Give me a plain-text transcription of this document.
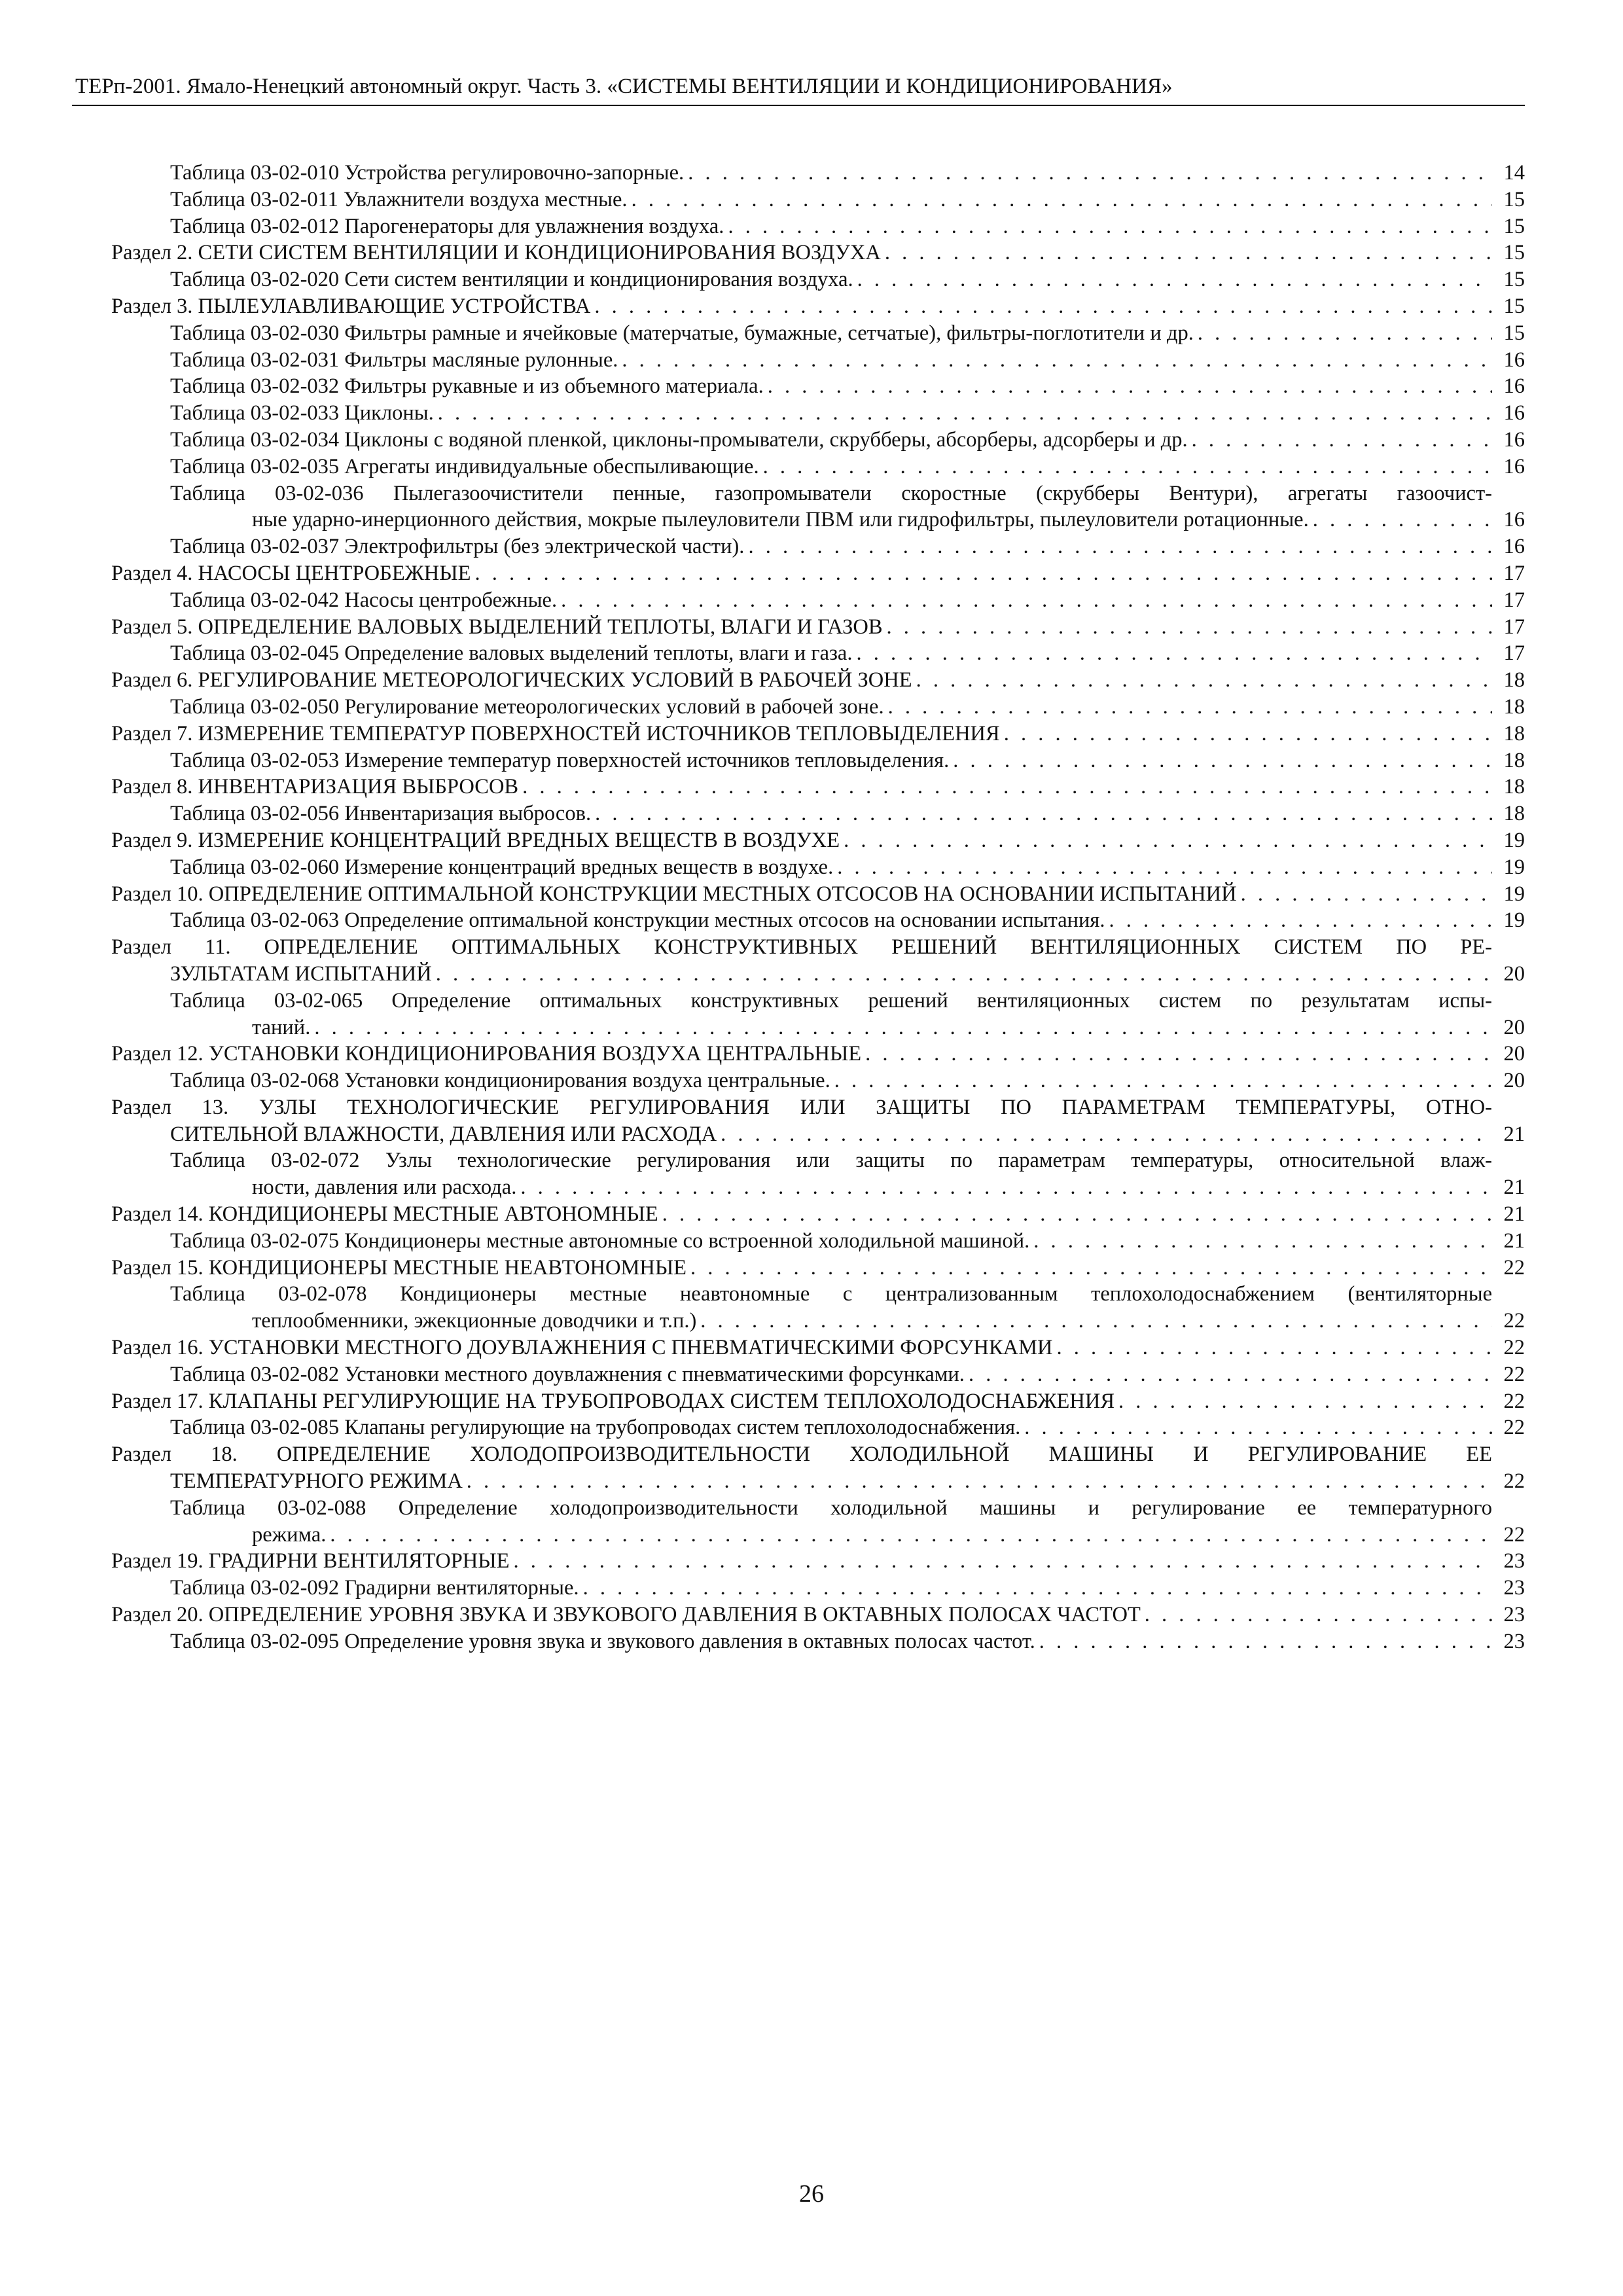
ТЕРп-2001. Ямало-Ненецкий автономный округ. Часть 3. «СИСТЕМЫ ВЕНТИЛЯЦИИ И КОНДИЦИОНИРОВАНИЯ»
Таблица 03-02-010 Устройства регулировочно-запорные. . . .	14
Таблица 03-02-011 Увлажнители воздуха местные. . . .	15
Таблица 03-02-012 Парогенераторы для увлажнения воздуха. . . .	15
Раздел 2. СЕТИ СИСТЕМ ВЕНТИЛЯЦИИ И КОНДИЦИОНИРОВАНИЯ ВОЗДУХА . . .	15
Таблица 03-02-020 Сети систем вентиляции и кондиционирования воздуха. . . .	15
Раздел 3. ПЫЛЕУЛАВЛИВАЮЩИЕ УСТРОЙСТВА . . .	15
Таблица 03-02-030 Фильтры рамные и ячейковые (матерчатые, бумажные, сетчатые), фильтры-поглотители и др. . . .	15
Таблица 03-02-031 Фильтры масляные рулонные. . . .	16
Таблица 03-02-032 Фильтры рукавные и из объемного материала. . . .	16
Таблица 03-02-033 Циклоны. . . .	16
Таблица 03-02-034 Циклоны с водяной пленкой, циклоны-промыватели, скрубберы, абсорберы, адсорберы и др. . . .	16
Таблица 03-02-035 Агрегаты индивидуальные обеспыливающие. . . .	16
Таблица 03-02-036 Пылегазоочистители пенные, газопромыватели скоростные (скрубберы Вентури), агрегаты газоочист-
ные ударно-инерционного действия, мокрые пылеуловители ПВМ или гидрофильтры, пылеуловители ротационные. . . .	16
Таблица 03-02-037 Электрофильтры (без электрической части). . . .	16
Раздел 4. НАСОСЫ ЦЕНТРОБЕЖНЫЕ . . .	17
Таблица 03-02-042 Насосы центробежные. . . .	17
Раздел 5. ОПРЕДЕЛЕНИЕ ВАЛОВЫХ ВЫДЕЛЕНИЙ ТЕПЛОТЫ, ВЛАГИ И ГАЗОВ . . .	17
Таблица 03-02-045 Определение валовых выделений теплоты, влаги и газа. . . .	17
Раздел 6. РЕГУЛИРОВАНИЕ МЕТЕОРОЛОГИЧЕСКИХ УСЛОВИЙ В РАБОЧЕЙ ЗОНЕ . . .	18
Таблица 03-02-050 Регулирование метеорологических условий в рабочей зоне. . . .	18
Раздел 7. ИЗМЕРЕНИЕ ТЕМПЕРАТУР ПОВЕРХНОСТЕЙ ИСТОЧНИКОВ ТЕПЛОВЫДЕЛЕНИЯ . . .	18
Таблица 03-02-053 Измерение температур поверхностей источников тепловыделения. . . .	18
Раздел 8. ИНВЕНТАРИЗАЦИЯ ВЫБРОСОВ . . .	18
Таблица 03-02-056 Инвентаризация выбросов. . . .	18
Раздел 9. ИЗМЕРЕНИЕ КОНЦЕНТРАЦИЙ ВРЕДНЫХ ВЕЩЕСТВ В ВОЗДУХЕ . . .	19
Таблица 03-02-060 Измерение концентраций вредных веществ в воздухе. . . .	19
Раздел 10. ОПРЕДЕЛЕНИЕ ОПТИМАЛЬНОЙ КОНСТРУКЦИИ МЕСТНЫХ ОТСОСОВ НА ОСНОВАНИИ ИСПЫТАНИЙ . . .	19
Таблица 03-02-063 Определение оптимальной конструкции местных отсосов на основании испытания. . . .	19
Раздел 11. ОПРЕДЕЛЕНИЕ ОПТИМАЛЬНЫХ КОНСТРУКТИВНЫХ РЕШЕНИЙ ВЕНТИЛЯЦИОННЫХ СИСТЕМ ПО РЕ-
ЗУЛЬТАТАМ ИСПЫТАНИЙ . . .	20
Таблица 03-02-065 Определение оптимальных конструктивных решений вентиляционных систем по результатам испы-
таний. . . .	20
Раздел 12. УСТАНОВКИ КОНДИЦИОНИРОВАНИЯ ВОЗДУХА ЦЕНТРАЛЬНЫЕ . . .	20
Таблица 03-02-068 Установки кондиционирования воздуха центральные. . . .	20
Раздел 13. УЗЛЫ ТЕХНОЛОГИЧЕСКИЕ РЕГУЛИРОВАНИЯ ИЛИ ЗАЩИТЫ ПО ПАРАМЕТРАМ ТЕМПЕРАТУРЫ, ОТНО-
СИТЕЛЬНОЙ ВЛАЖНОСТИ, ДАВЛЕНИЯ ИЛИ РАСХОДА . . .	21
Таблица 03-02-072 Узлы технологические регулирования или защиты по параметрам температуры, относительной влаж-
ности, давления или расхода. . . .	21
Раздел 14. КОНДИЦИОНЕРЫ МЕСТНЫЕ АВТОНОМНЫЕ . . .	21
Таблица 03-02-075 Кондиционеры местные автономные со встроенной холодильной машиной. . . .	21
Раздел 15. КОНДИЦИОНЕРЫ МЕСТНЫЕ НЕАВТОНОМНЫЕ . . .	22
Таблица 03-02-078 Кондиционеры местные неавтономные с централизованным теплохолодоснабжением (вентиляторные
теплообменники, эжекционные доводчики и т.п.) . . .	22
Раздел 16. УСТАНОВКИ МЕСТНОГО ДОУВЛАЖНЕНИЯ С ПНЕВМАТИЧЕСКИМИ ФОРСУНКАМИ . . .	22
Таблица 03-02-082 Установки местного доувлажнения с пневматическими форсунками. . . .	22
Раздел 17. КЛАПАНЫ РЕГУЛИРУЮЩИЕ НА ТРУБОПРОВОДАХ СИСТЕМ ТЕПЛОХОЛОДОСНАБЖЕНИЯ . . .	22
Таблица 03-02-085 Клапаны регулирующие на трубопроводах систем теплохолодоснабжения. . . .	22
Раздел 18. ОПРЕДЕЛЕНИЕ ХОЛОДОПРОИЗВОДИТЕЛЬНОСТИ ХОЛОДИЛЬНОЙ МАШИНЫ И РЕГУЛИРОВАНИЕ ЕЕ
ТЕМПЕРАТУРНОГО РЕЖИМА . . .	22
Таблица 03-02-088 Определение холодопроизводительности холодильной машины и регулирование ее температурного
режима. . . .	22
Раздел 19. ГРАДИРНИ ВЕНТИЛЯТОРНЫЕ . . .	23
Таблица 03-02-092 Градирни вентиляторные. . . .	23
Раздел 20. ОПРЕДЕЛЕНИЕ УРОВНЯ ЗВУКА И ЗВУКОВОГО ДАВЛЕНИЯ В ОКТАВНЫХ ПОЛОСАХ ЧАСТОТ . . .	23
Таблица 03-02-095 Определение уровня звука и звукового давления в октавных полосах частот. . . .	23
26
